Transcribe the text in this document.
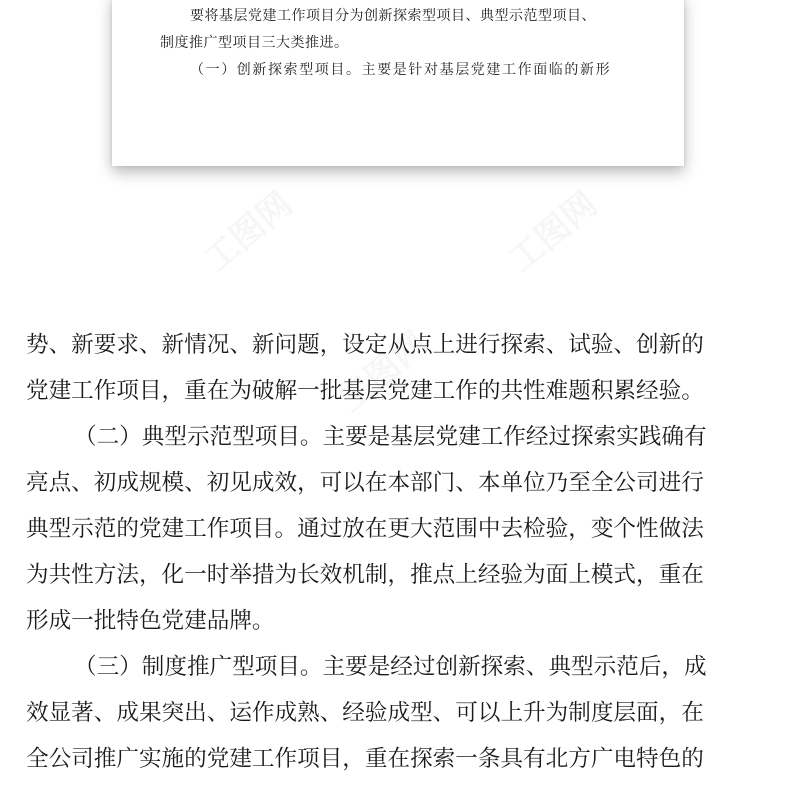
要将基层党建工作项目分为创新探索型项目、典型示范型项目、
制度推广型项目三大类推进。
（一）创新探索型项目。主要是针对基层党建工作面临的新形
工图网	工图网
工图网

势、新要求、新情况、新问题，设定从点上进行探索、试验、创新的

党建工作项目，重在为破解一批基层党建工作的共性难题积累经验。

（二）典型示范型项目。主要是基层党建工作经过探索实践确有

亮点、初成规模、初见成效，可以在本部门、本单位乃至全公司进行

典型示范的党建工作项目。通过放在更大范围中去检验，变个性做法

为共性方法，化一时举措为长效机制，推点上经验为面上模式，重在

形成一批特色党建品牌。

（三）制度推广型项目。主要是经过创新探索、典型示范后，成

效显著、成果突出、运作成熟、经验成型、可以上升为制度层面，在

全公司推广实施的党建工作项目，重在探索一条具有北方广电特色的
